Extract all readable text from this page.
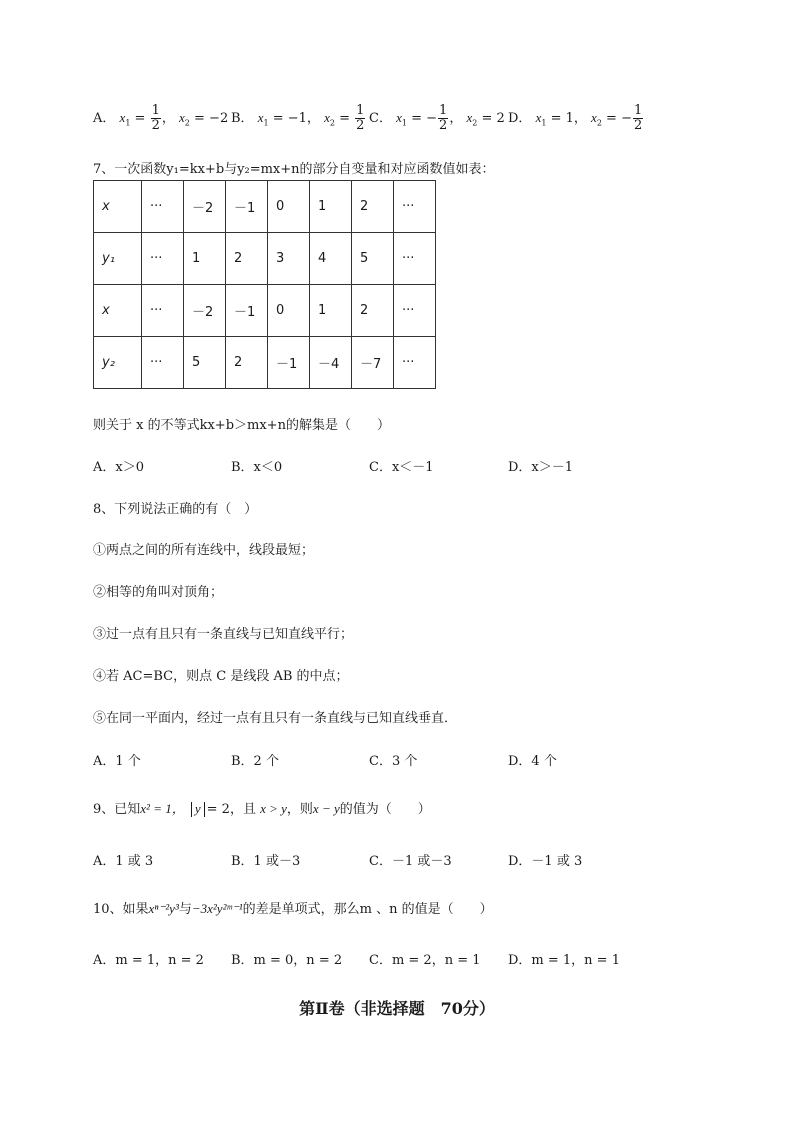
A． $x_1 = \frac{1}{2}$ ， $x_2 = -2$ B． $x_1 = -1$， $x_2 = \frac{1}{2}$ C． $x_1$ = − $\frac{1}{2}$ ， $x_2 = 2$ D． $x_1 = 1$， $x_2$ = − $\frac{1}{2}$
7、一次函数y₁=kx+b与y₂=mx+n的部分自变量和对应函数值如表：
x	···	－2	－1	0	1	2	···
y₁	···	1	2	3	4	5	···
x	···	－2	－1	0	1	2	···
y₂	···	5	2	－1	－4	－7	···
则关于 x 的不等式kx+b＞mx+n的解集是（　　）
A．x＞0	B．x＜0	C．x＜－1	D．x＞－1
8、下列说法正确的有（　）
①两点之间的所有连线中，线段最短；
②相等的角叫对顶角；
③过一点有且只有一条直线与已知直线平行；
④若 AC=BC，则点 C 是线段 AB 的中点；
⑤在同一平面内，经过一点有且只有一条直线与已知直线垂直．
A．1 个	B．2 个	C．3 个	D．4 个
9、已知x² = 1， y = 2，且 x > y，则x − y的值为（　　）
A．1 或 3	B．1 或－3	C．－1 或－3	D．－1 或 3
10、如果xⁿ⁻²y³与−3x²y²ᵐ⁻¹的差是单项式，那么m 、n 的值是（　　）
A．m = 1，n = 2 B．m = 0，n = 2 C．m = 2，n = 1 D．m = 1，n = 1
第Ⅱ卷（非选择题　70分）
